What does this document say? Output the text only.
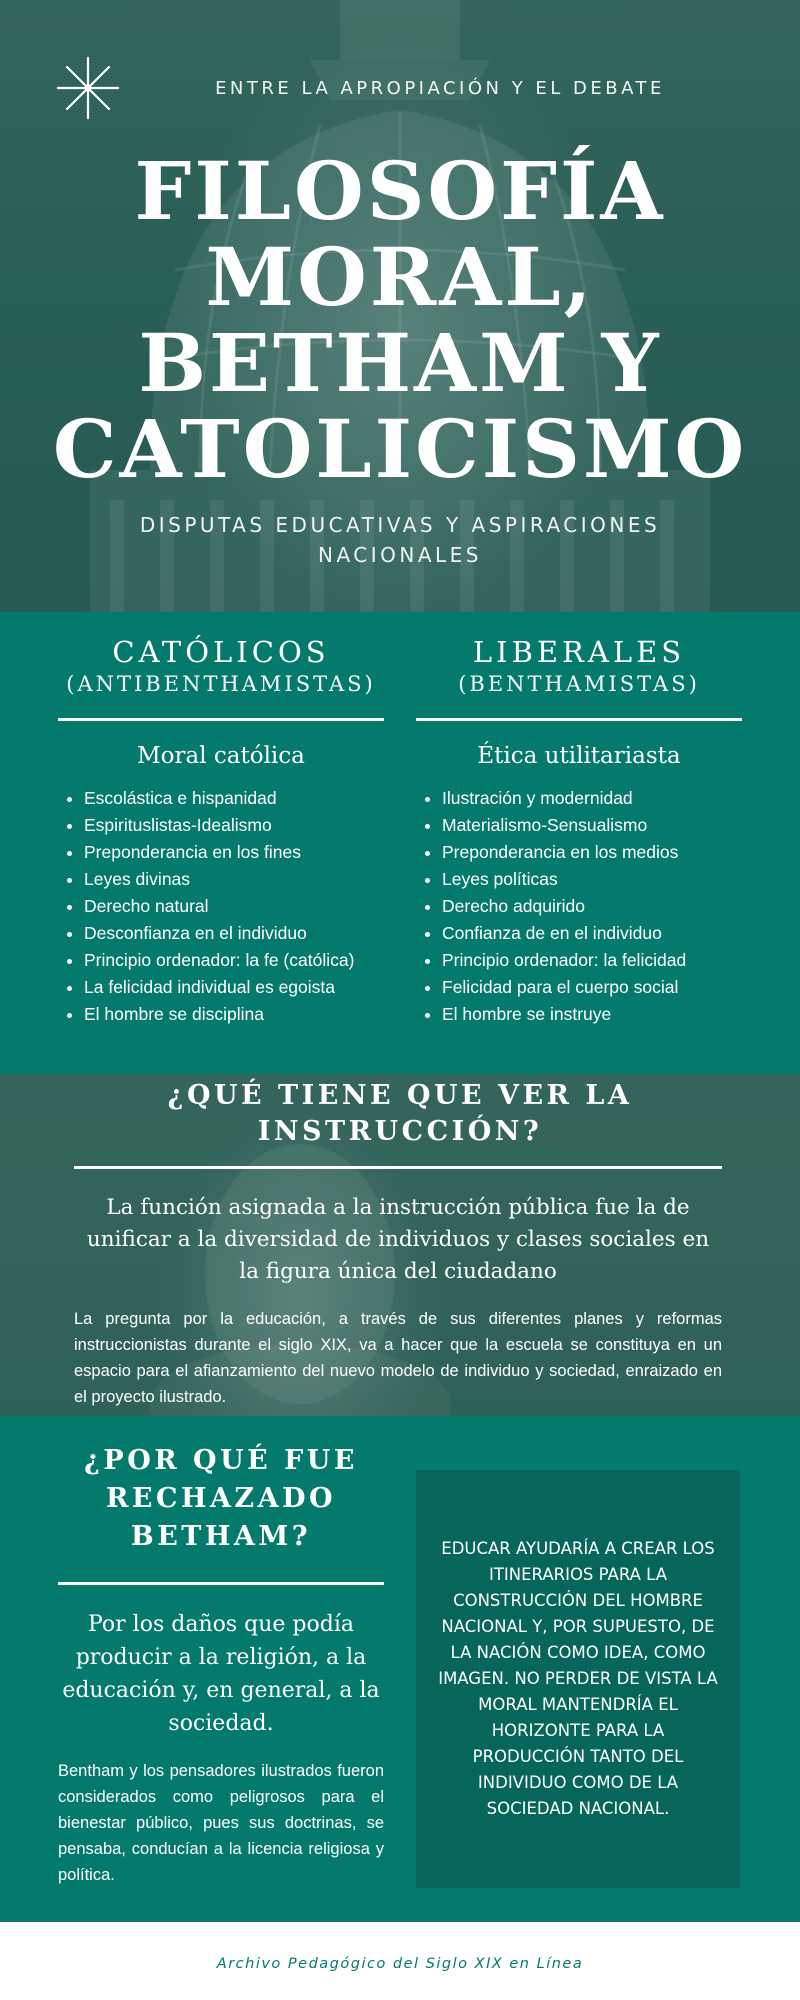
ENTRE LA APROPIACIÓN Y EL DEBATE
FILOSOFÍA
MORAL,
BETHAM Y
CATOLICISMO
DISPUTAS EDUCATIVAS Y ASPIRACIONES NACIONALES
CATÓLICOS
(ANTIBENTHAMISTAS)
Moral católica
• Escolástica e hispanidad
• Espirituslistas-Idealismo
• Preponderancia en los fines
• Leyes divinas
• Derecho natural
• Desconfianza en el individuo
• Principio ordenador: la fe (católica)
• La felicidad individual es egoista
• El hombre se disciplina
LIBERALES
(BENTHAMISTAS)
Ética utilitariasta
• Ilustración y modernidad
• Materialismo-Sensualismo
• Preponderancia en los medios
• Leyes políticas
• Derecho adquirido
• Confianza de en el individuo
• Principio ordenador: la felicidad
• Felicidad para el cuerpo social
• El hombre se instruye
¿QUÉ TIENE QUE VER LA INSTRUCCIÓN?

La función asignada a la instrucción pública fue la de unificar a la diversidad de individuos y clases sociales en la figura única del ciudadano

La pregunta por la educación, a través de sus diferentes planes y reformas instruccionistas durante el siglo XIX, va a hacer que la escuela se constituya en un espacio para el afianzamiento del nuevo modelo de individuo y sociedad, enraizado en el proyecto ilustrado.

¿POR QUÉ FUE RECHAZADO BETHAM?

Por los daños que podía producir a la religión, a la educación y, en general, a la sociedad.

Bentham y los pensadores ilustrados fueron considerados como peligrosos para el bienestar público, pues sus doctrinas, se pensaba, conducían a la licencia religiosa y política.

EDUCAR AYUDARÍA A CREAR LOS ITINERARIOS PARA LA CONSTRUCCIÓN DEL HOMBRE NACIONAL Y, POR SUPUESTO, DE LA NACIÓN COMO IDEA, COMO IMAGEN. NO PERDER DE VISTA LA MORAL MANTENDRÍA EL HORIZONTE PARA LA PRODUCCIÓN TANTO DEL INDIVIDUO COMO DE LA SOCIEDAD NACIONAL.

Archivo Pedagógico del Siglo XIX en Línea
